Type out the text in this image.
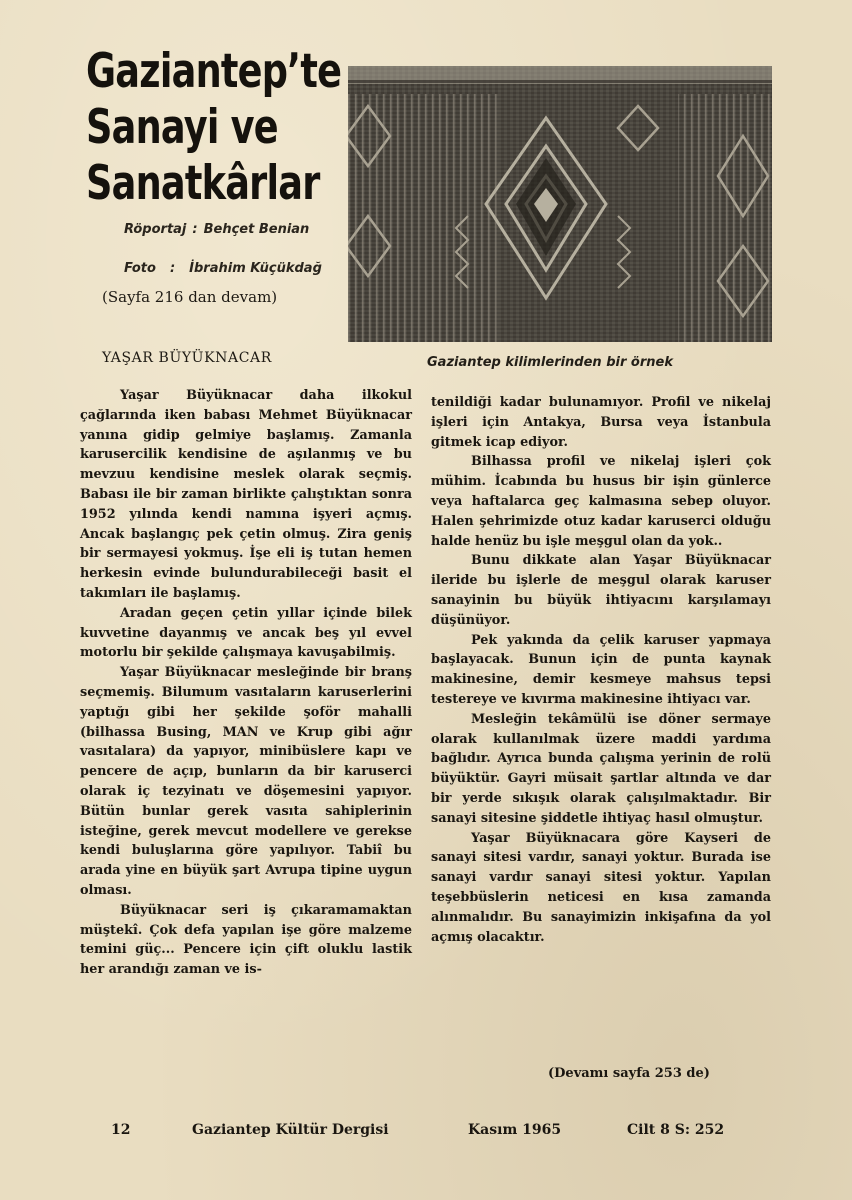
Gaziantep’te
Sanayi ve
Sanatkârlar
Röportaj : Behçet Benian
Foto : İbrahim Küçükdağ
(Sayfa 216 dan devam)
Gaziantep kilimlerinden bir örnek
YAŞAR BÜYÜKNACAR

Yaşar Büyüknacar daha ilkokul çağlarında iken babası Mehmet Büyüknacar yanına gidip gelmiye başlamış. Zamanla karusercilik kendisine de aşılanmış ve bu mevzuu kendisine meslek olarak seçmiş. Babası ile bir zaman birlikte çalıştıktan sonra 1952 yılında kendi namına işyeri açmış. Ancak başlangıç pek çetin olmuş. Zira geniş bir sermayesi yokmuş. İşe eli iş tutan hemen herkesin evinde bulundurabileceği basit el takımları ile başlamış.

Aradan geçen çetin yıllar içinde bilek kuvvetine dayanmış ve ancak beş yıl evvel motorlu bir şekilde çalışmaya kavuşabilmiş.

Yaşar Büyüknacar mesleğinde bir branş seçmemiş. Bilumum vasıtaların karuserlerini yaptığı gibi her şekilde şoför mahalli (bilhassa Busing, MAN ve Krup gibi ağır vasıtalara) da yapıyor, minibüslere kapı ve pencere de açıp, bunların da bir karuserci olarak iç tezyinatı ve döşemesini yapıyor. Bütün bunlar gerek vasıta sahiplerinin isteğine, gerek mevcut modellere ve gerekse kendi buluşlarına göre yapılıyor. Tabiî bu arada yine en büyük şart Avrupa tipine uygun olması.

Büyüknacar seri iş çıkaramamaktan müştekî. Çok defa yapılan işe göre malzeme temini güç... Pencere için çift oluklu lastik her arandığı zaman ve is-

tenildiği kadar bulunamıyor. Profil ve nikelaj işleri için Antakya, Bursa veya İstanbula gitmek icap ediyor.

Bilhassa profil ve nikelaj işleri çok mühim. İcabında bu husus bir işin günlerce veya haftalarca geç kalmasına sebep oluyor. Halen şehrimizde otuz kadar karuserci olduğu halde henüz bu işle meşgul olan da yok..

Bunu dikkate alan Yaşar Büyüknacar ileride bu işlerle de meşgul olarak karuser sanayinin bu büyük ihtiyacını karşılamayı düşünüyor.

Pek yakında da çelik karuser yapmaya başlayacak. Bunun için de punta kaynak makinesine, demir kesmeye mahsus tepsi testereye ve kıvırma makinesine ihtiyacı var.

Mesleğin tekâmülü ise döner sermaye olarak kullanılmak üzere maddi yardıma bağlıdır. Ayrıca bunda çalışma yerinin de rolü büyüktür. Gayri müsait şartlar altında ve dar bir yerde sıkışık olarak çalışılmaktadır. Bir sanayi sitesine şiddetle ihtiyaç hasıl olmuştur.

Yaşar Büyüknacara göre Kayseri de sanayi sitesi vardır, sanayi yoktur. Burada ise sanayi vardır sanayi sitesi yoktur. Yapılan teşebbüslerin neticesi en kısa zamanda alınmalıdır. Bu sanayimizin inkişafına da yol açmış olacaktır.

(Devamı sayfa 253 de)
12	Gaziantep Kültür Dergisi	Kasım 1965	Cilt 8 S: 252
